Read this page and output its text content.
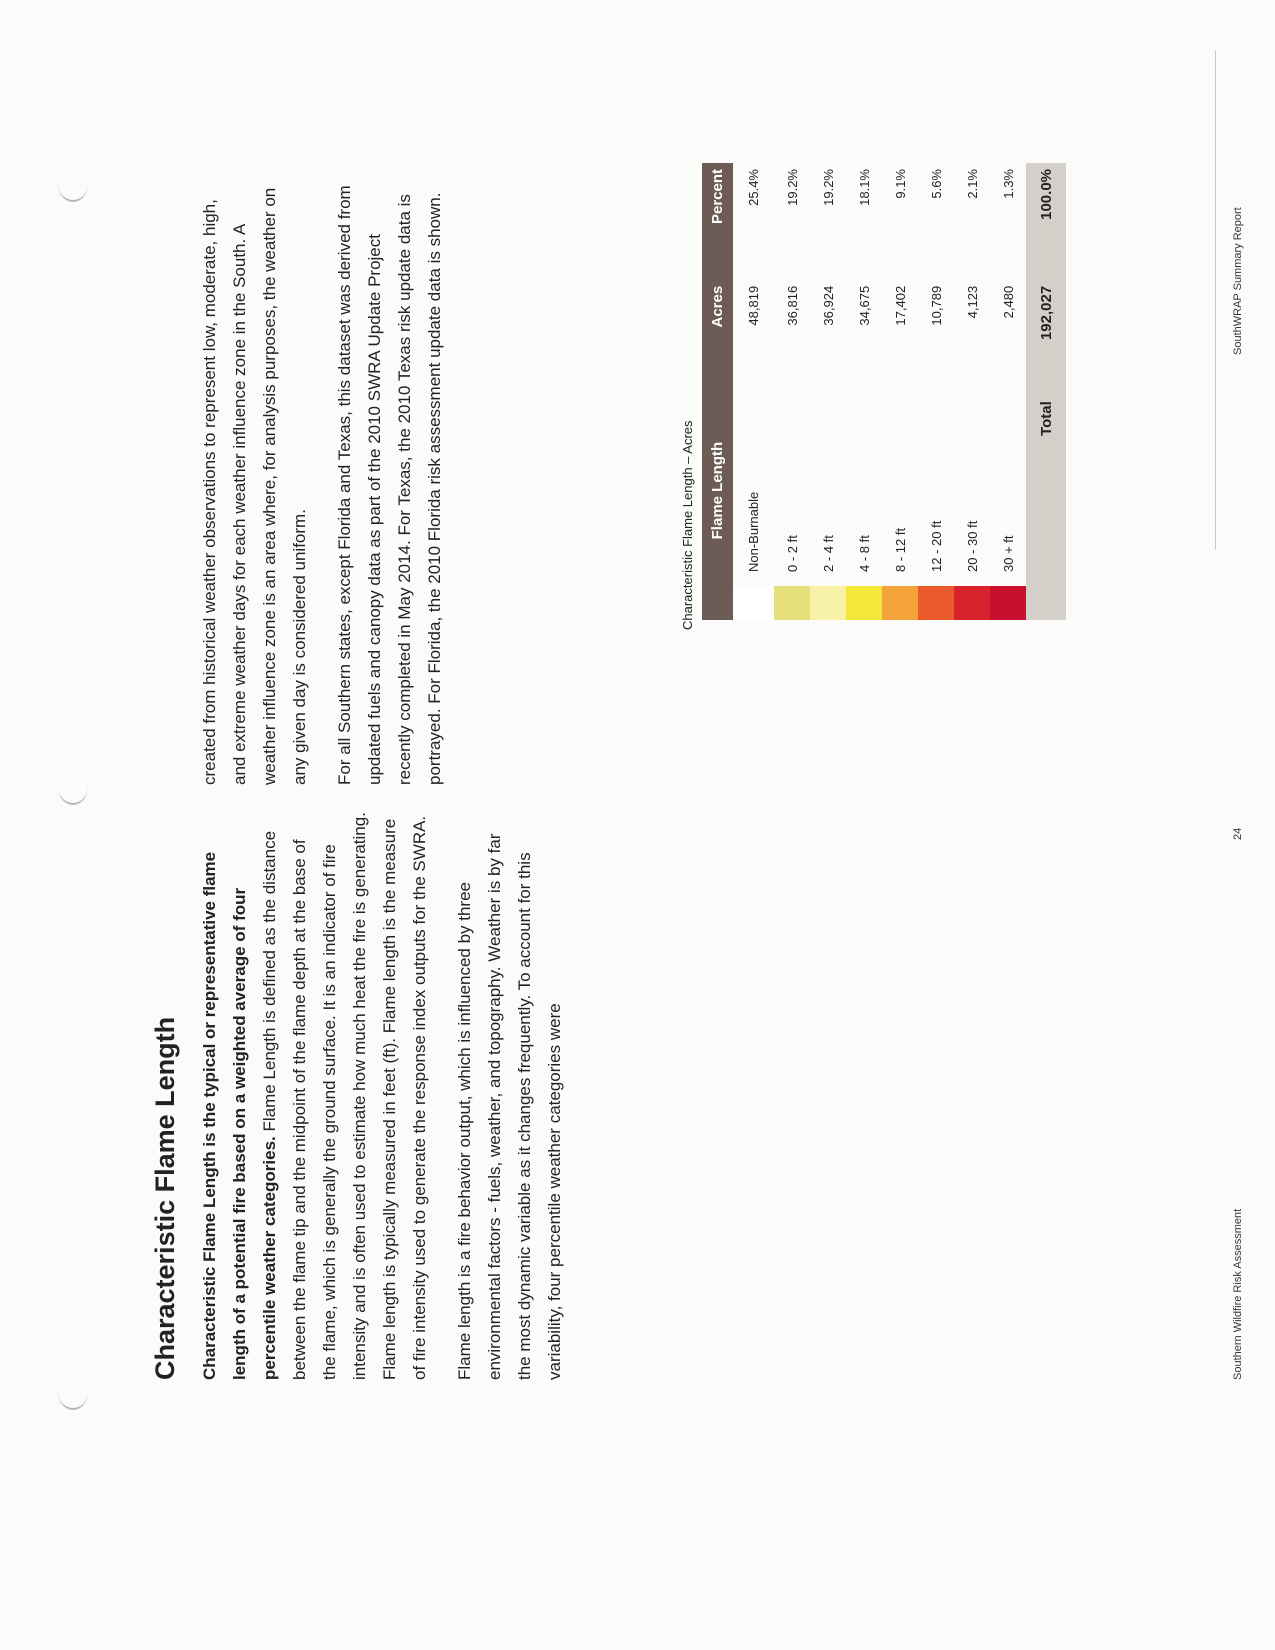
Characteristic Flame Length Characteristic Flame Length is the typical or representative flame length of a potential fire based on a weighted average of four percentile weather categories. Flame Length is defined as the distance between the flame tip and the midpoint of the flame depth at the base of the flame, which is generally the ground surface. It is an indicator of fire intensity and is often used to estimate how much heat the fire is generating. Flame length is typically measured in feet (ft). Flame length is the measure of fire intensity used to generate the response index outputs for the SWRA.	Flame length is a fire behavior output, which is influenced by three environmental factors - fuels, weather, and topography. Weather is by far the most dynamic variable as it changes frequently. To account for this variability, four percentile weather categories were

created from historical weather observations to represent low, moderate, high, and extreme weather days for each weather influence zone in the South. A weather influence zone is an area where, for analysis purposes, the weather on any given day is considered uniform.	For all Southern states, except Florida and Texas, this dataset was derived from updated fuels and canopy data as part of the 2010 SWRA Update Project recently completed in May 2014. For Texas, the 2010 Texas risk update data is portrayed. For Florida, the 2010 Florida risk assessment update data is shown.	Characteristic Flame Length – Acres
	Flame Length	Acres	Percent
	Non-Burnable	48,819	25.4%
	0 - 2 ft	36,816	19.2%
	2 - 4 ft	36,924	19.2%
	4 - 8 ft	34,675	18.1%
	8 - 12 ft	17,402	9.1%
	12 - 20 ft	10,789	5.6%
	20 - 30 ft	4,123	2.1%
	30 + ft	2,480	1.3%
	Total	192,027	100.0%
Southern Wildfire Risk Assessment
24
SouthWRAP Summary Report
